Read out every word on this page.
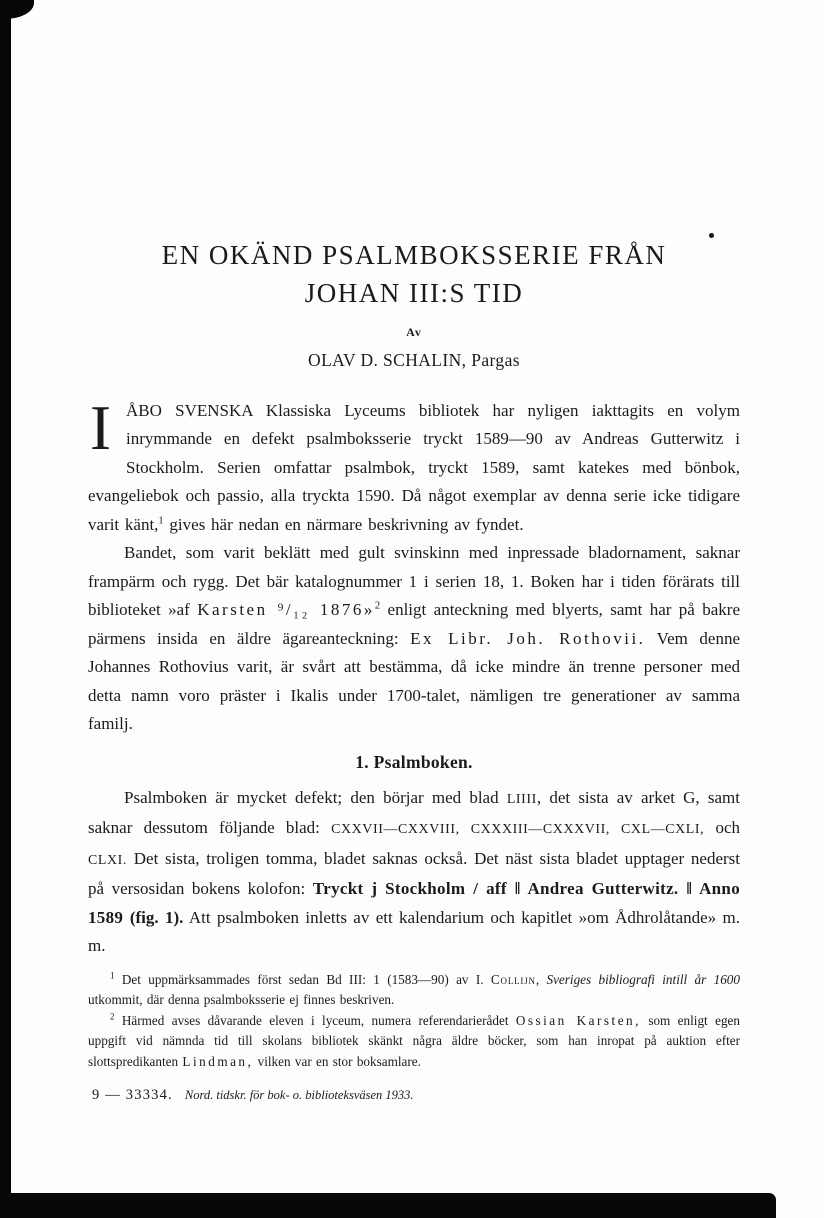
EN OKÄND PSALMBOKSSERIE FRÅN
JOHAN III:S TID
Av
OLAV D. SCHALIN, Pargas

IÅBO SVENSKA Klassiska Lyceums bibliotek har nyligen iakttagits en volym inrymmande en defekt psalmboksserie tryckt 1589—90 av Andreas Gutterwitz i Stockholm. Serien omfattar psalmbok, tryckt 1589, samt katekes med bönbok, evangeliebok och passio, alla tryckta 1590. Då något exemplar av denna serie icke tidigare varit känt,$^1$ gives här nedan en närmare beskrivning av fyndet.

Bandet, som varit beklätt med gult svinskinn med inpressade bladornament, saknar frampärm och rygg. Det bär katalognummer 1 i serien 18, 1. Boken har i tiden förärats till biblioteket »af Karsten ⁹/₁₂ 1876»$^2$ enligt anteckning med blyerts, samt har på bakre pärmens insida en äldre ägareanteckning: Ex Libr. Joh. Rothovii. Vem denne Johannes Rothovius varit, är svårt att bestämma, då icke mindre än trenne personer med detta namn voro präster i Ikalis under 1700-talet, nämligen tre generationer av samma familj.

1. Psalmboken.

Psalmboken är mycket defekt; den börjar med blad LIIII, det sista av arket G, samt saknar dessutom följande blad: CXXVII—CXXVIII, CXXXIII—CXXXVII, CXL—CXLI, och CLXI. Det sista, troligen tomma, bladet saknas också. Det näst sista bladet upptager nederst på versosidan bokens kolofon: Tryckt j Stockholm / aff ‖ Andrea Gutterwitz. ‖ Anno 1589 (fig. 1). Att psalmboken inletts av ett kalendarium och kapitlet »om Ådhrolåtande» m. m.

$^1$ Det uppmärksammades först sedan Bd III: 1 (1583—90) av I. Collijn, Sveriges bibliografi intill år 1600 utkommit, där denna psalmboksserie ej finnes beskriven.

$^2$ Härmed avses dåvarande eleven i lyceum, numera referendarierådet Ossian Karsten, som enligt egen uppgift vid nämnda tid till skolans bibliotek skänkt några äldre böcker, som han inropat på auktion efter slottspredikanten Lindman, vilken var en stor boksamlare.

9 — 33334. Nord. tidskr. för bok- o. biblioteksväsen 1933.
